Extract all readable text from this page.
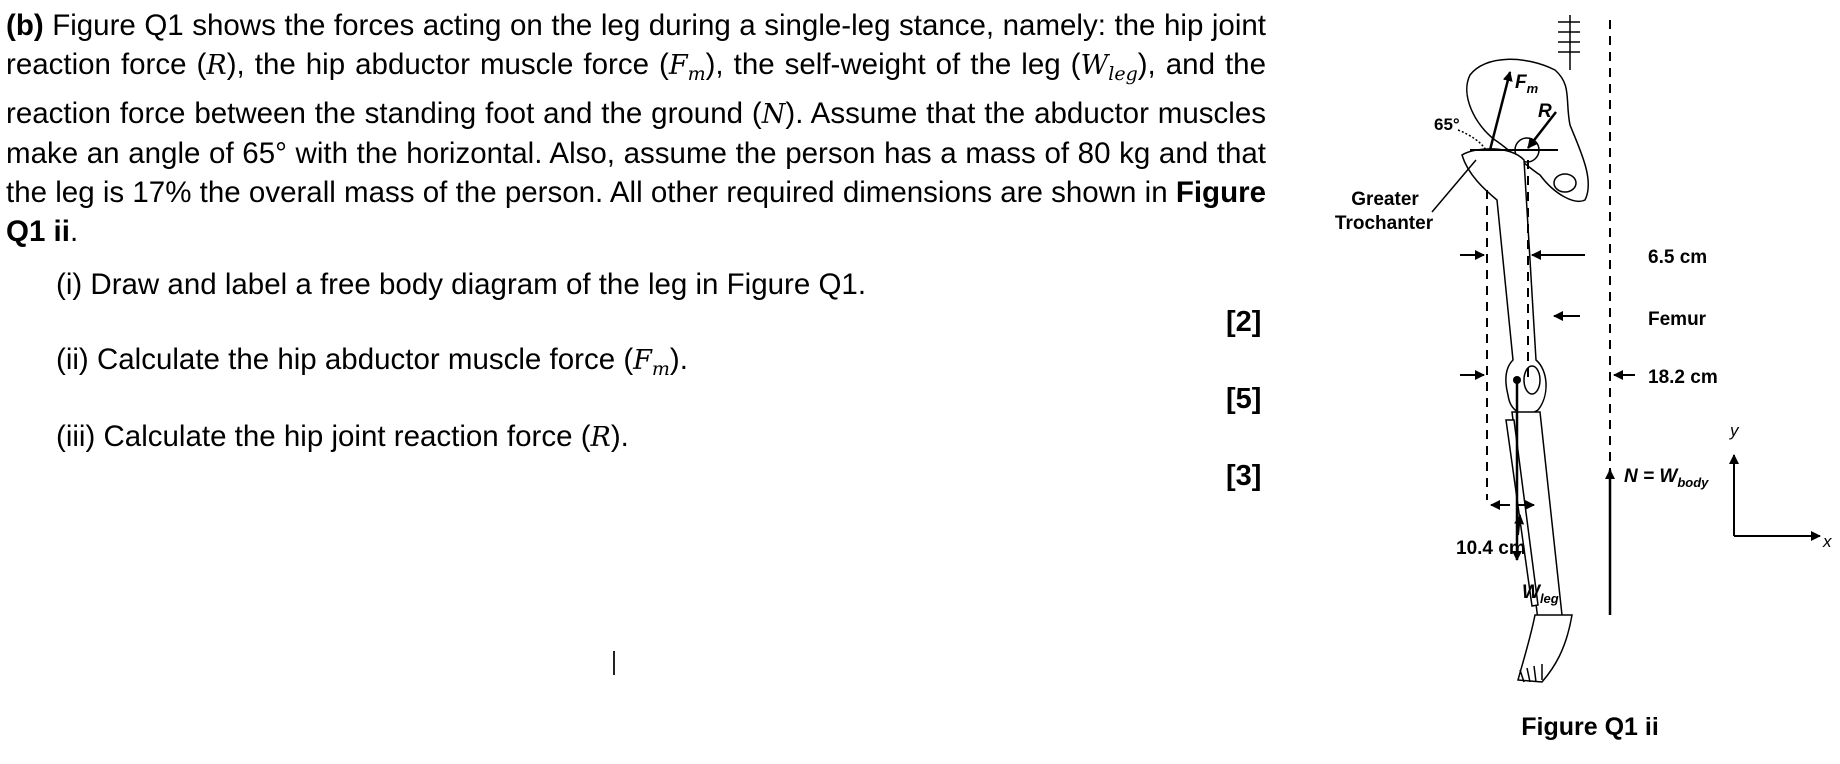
(b) Figure Q1 shows the forces acting on the leg during a single-leg stance, namely: the hip joint reaction force (R), the hip abductor muscle force $(F_m)$, the self-weight of the leg $(W_{leg})$, and the reaction force between the standing foot and the ground (N). Assume that the abductor muscles make an angle of 65° with the horizontal. Also, assume the person has a mass of 80 kg and that the leg is 17% the overall mass of the person. All other required dimensions are shown in Figure Q1 ii.
(i) Draw and label a free body diagram of the leg in Figure Q1.
[2]
(ii) Calculate the hip abductor muscle force $(F_m)$.
[5]
(iii) Calculate the hip joint reaction force (R).
[3]
$F_m$
R
65°
Greater
Trochanter
6.5 cm
Femur
18.2 cm
$N = W_{body}$
10.4 cm
$W_{leg}$
y
x
Figure Q1 ii
